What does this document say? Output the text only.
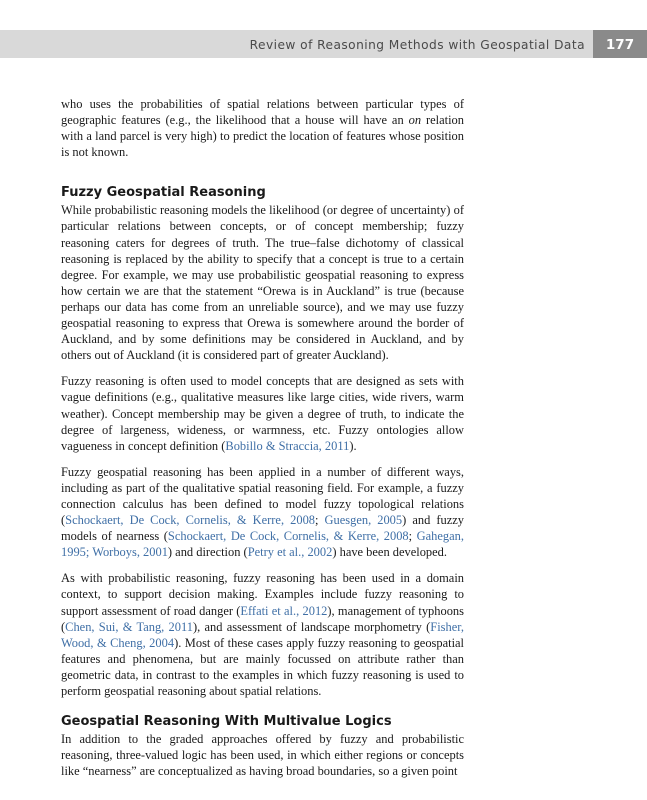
Review of Reasoning Methods with Geospatial Data	177

who uses the probabilities of spatial relations between particular types of geographic features (e.g., the likelihood that a house will have an on relation with a land parcel is very high) to predict the location of features whose position is not known.

Fuzzy Geospatial Reasoning

While probabilistic reasoning models the likelihood (or degree of uncertainty) of particular relations between concepts, or of concept membership; fuzzy reasoning caters for degrees of truth. The true–false dichotomy of classical reasoning is replaced by the ability to specify that a concept is true to a certain degree. For example, we may use probabilistic geospatial reasoning to express how certain we are that the statement “Orewa is in Auckland” is true (because perhaps our data has come from an unreliable source), and we may use fuzzy geospatial reasoning to express that Orewa is somewhere around the border of Auckland, and by some definitions may be considered in Auckland, and by others out of Auckland (it is considered part of greater Auckland).

Fuzzy reasoning is often used to model concepts that are designed as sets with vague definitions (e.g., qualitative measures like large cities, wide rivers, warm weather). Concept membership may be given a degree of truth, to indicate the degree of largeness, wideness, or warmness, etc. Fuzzy ontologies allow vagueness in concept definition (Bobillo & Straccia, 2011).

Fuzzy geospatial reasoning has been applied in a number of different ways, including as part of the qualitative spatial reasoning field. For example, a fuzzy connection calculus has been defined to model fuzzy topological relations (Schockaert, De Cock, Cornelis, & Kerre, 2008; Guesgen, 2005) and fuzzy models of nearness (Schockaert, De Cock, Cornelis, & Kerre, 2008; Gahegan, 1995; Worboys, 2001) and direction (Petry et al., 2002) have been developed.

As with probabilistic reasoning, fuzzy reasoning has been used in a domain context, to support decision making. Examples include fuzzy reasoning to support assessment of road danger (Effati et al., 2012), management of typhoons (Chen, Sui, & Tang, 2011), and assessment of landscape morphometry (Fisher, Wood, & Cheng, 2004). Most of these cases apply fuzzy reasoning to geospatial features and phenomena, but are mainly focussed on attribute rather than geometric data, in contrast to the examples in which fuzzy reasoning is used to perform geospatial reasoning about spatial relations.

Geospatial Reasoning With Multivalue Logics

In addition to the graded approaches offered by fuzzy and probabilistic reasoning, three-valued logic has been used, in which either regions or concepts like “nearness” are conceptualized as having broad boundaries, so a given point
